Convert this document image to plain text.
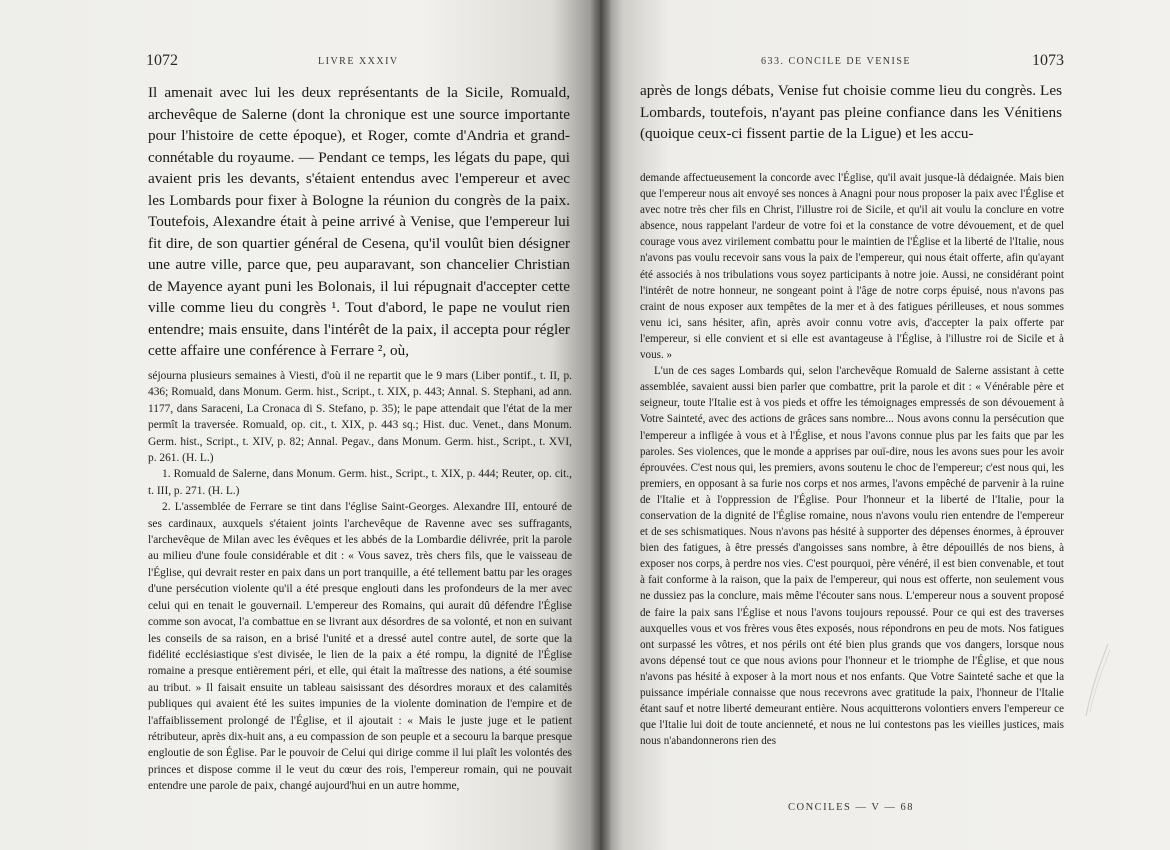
1072	LIVRE XXXIV

Il amenait avec lui les deux représentants de la Sicile, Romuald, archevêque de Salerne (dont la chronique est une source importante pour l'histoire de cette époque), et Roger, comte d'Andria et grand-connétable du royaume. — Pendant ce temps, les légats du pape, qui avaient pris les devants, s'étaient entendus avec l'empereur et avec les Lombards pour fixer à Bologne la réunion du congrès de la paix. Toutefois, Alexandre était à peine arrivé à Venise, que l'empereur lui fit dire, de son quartier général de Cesena, qu'il voulût bien désigner une autre ville, parce que, peu auparavant, son chancelier Christian de Mayence ayant puni les Bolonais, il lui répugnait d'accepter cette ville comme lieu du congrès ¹. Tout d'abord, le pape ne voulut rien entendre; mais ensuite, dans l'intérêt de la paix, il accepta pour régler cette affaire une conférence à Ferrare ², où,

séjourna plusieurs semaines à Viesti, d'où il ne repartit que le 9 mars (Liber pontif., t. II, p. 436; Romuald, dans Monum. Germ. hist., Script., t. XIX, p. 443; Annal. S. Stephani, ad ann. 1177, dans Saraceni, La Cronaca di S. Stefano, p. 35); le pape attendait que l'état de la mer permît la traversée. Romuald, op. cit., t. XIX, p. 443 sq.; Hist. duc. Venet., dans Monum. Germ. hist., Script., t. XIV, p. 82; Annal. Pegav., dans Monum. Germ. hist., Script., t. XVI, p. 261. (H. L.)

1. Romuald de Salerne, dans Monum. Germ. hist., Script., t. XIX, p. 444; Reuter, op. cit., t. III, p. 271. (H. L.)

2. L'assemblée de Ferrare se tint dans l'église Saint-Georges. Alexandre III, entouré de ses cardinaux, auxquels s'étaient joints l'archevêque de Ravenne avec ses suffragants, l'archevêque de Milan avec les évêques et les abbés de la Lombardie délivrée, prit la parole au milieu d'une foule considérable et dit : « Vous savez, très chers fils, que le vaisseau de l'Église, qui devrait rester en paix dans un port tranquille, a été tellement battu par les orages d'une persécution violente qu'il a été presque englouti dans les profondeurs de la mer avec celui qui en tenait le gouvernail. L'empereur des Romains, qui aurait dû défendre l'Église comme son avocat, l'a combattue en se livrant aux désordres de sa volonté, et non en suivant les conseils de sa raison, en a brisé l'unité et a dressé autel contre autel, de sorte que la fidélité ecclésiastique s'est divisée, le lien de la paix a été rompu, la dignité de l'Église romaine a presque entièrement péri, et elle, qui était la maîtresse des nations, a été soumise au tribut. » Il faisait ensuite un tableau saisissant des désordres moraux et des calamités publiques qui avaient été les suites impunies de la violente domination de l'empire et de l'affaiblissement prolongé de l'Église, et il ajoutait : « Mais le juste juge et le patient rétributeur, après dix-huit ans, a eu compassion de son peuple et a secouru la barque presque engloutie de son Église. Par le pouvoir de Celui qui dirige comme il lui plaît les volontés des princes et dispose comme il le veut du cœur des rois, l'empereur romain, qui ne pouvait entendre une parole de paix, changé aujourd'hui en un autre homme,

633. CONCILE DE VENISE	1073

après de longs débats, Venise fut choisie comme lieu du congrès. Les Lombards, toutefois, n'ayant pas pleine confiance dans les Vénitiens (quoique ceux-ci fissent partie de la Ligue) et les accu-

demande affectueusement la concorde avec l'Église, qu'il avait jusque-là dédaignée. Mais bien que l'empereur nous ait envoyé ses nonces à Anagni pour nous proposer la paix avec l'Église et avec notre très cher fils en Christ, l'illustre roi de Sicile, et qu'il ait voulu la conclure en votre absence, nous rappelant l'ardeur de votre foi et la constance de votre dévouement, et de quel courage vous avez virilement combattu pour le maintien de l'Église et la liberté de l'Italie, nous n'avons pas voulu recevoir sans vous la paix de l'empereur, qui nous était offerte, afin qu'ayant été associés à nos tribulations vous soyez participants à notre joie. Aussi, ne considérant point l'intérêt de notre honneur, ne songeant point à l'âge de notre corps épuisé, nous n'avons pas craint de nous exposer aux tempêtes de la mer et à des fatigues périlleuses, et nous sommes venu ici, sans hésiter, afin, après avoir connu votre avis, d'accepter la paix offerte par l'empereur, si elle convient et si elle est avantageuse à l'Église, à l'illustre roi de Sicile et à vous. »

L'un de ces sages Lombards qui, selon l'archevêque Romuald de Salerne assistant à cette assemblée, savaient aussi bien parler que combattre, prit la parole et dit : « Vénérable père et seigneur, toute l'Italie est à vos pieds et offre les témoignages empressés de son dévouement à Votre Sainteté, avec des actions de grâces sans nombre... Nous avons connu la persécution que l'empereur a infligée à vous et à l'Église, et nous l'avons connue plus par les faits que par les paroles. Ses violences, que le monde a apprises par ouï-dire, nous les avons sues pour les avoir éprouvées. C'est nous qui, les premiers, avons soutenu le choc de l'empereur; c'est nous qui, les premiers, en opposant à sa furie nos corps et nos armes, l'avons empêché de parvenir à la ruine de l'Italie et à l'oppression de l'Église. Pour l'honneur et la liberté de l'Italie, pour la conservation de la dignité de l'Église romaine, nous n'avons voulu rien entendre de l'empereur et de ses schismatiques. Nous n'avons pas hésité à supporter des dépenses énormes, à éprouver bien des fatigues, à être pressés d'angoisses sans nombre, à être dépouillés de nos biens, à exposer nos corps, à perdre nos vies. C'est pourquoi, père vénéré, il est bien convenable, et tout à fait conforme à la raison, que la paix de l'empereur, qui nous est offerte, non seulement vous ne dussiez pas la conclure, mais même l'écouter sans nous. L'empereur nous a souvent proposé de faire la paix sans l'Église et nous l'avons toujours repoussé. Pour ce qui est des traverses auxquelles vous et vos frères vous êtes exposés, nous répondrons en peu de mots. Nos fatigues ont surpassé les vôtres, et nos périls ont été bien plus grands que vos dangers, lorsque nous avons dépensé tout ce que nous avions pour l'honneur et le triomphe de l'Église, et que nous n'avons pas hésité à exposer à la mort nous et nos enfants. Que Votre Sainteté sache et que la puissance impériale connaisse que nous recevrons avec gratitude la paix, l'honneur de l'Italie étant sauf et notre liberté demeurant entière. Nous acquitterons volontiers envers l'empereur ce que l'Italie lui doit de toute ancienneté, et nous ne lui contestons pas les vieilles justices, mais nous n'abandonnerons rien des

CONCILES — V — 68
